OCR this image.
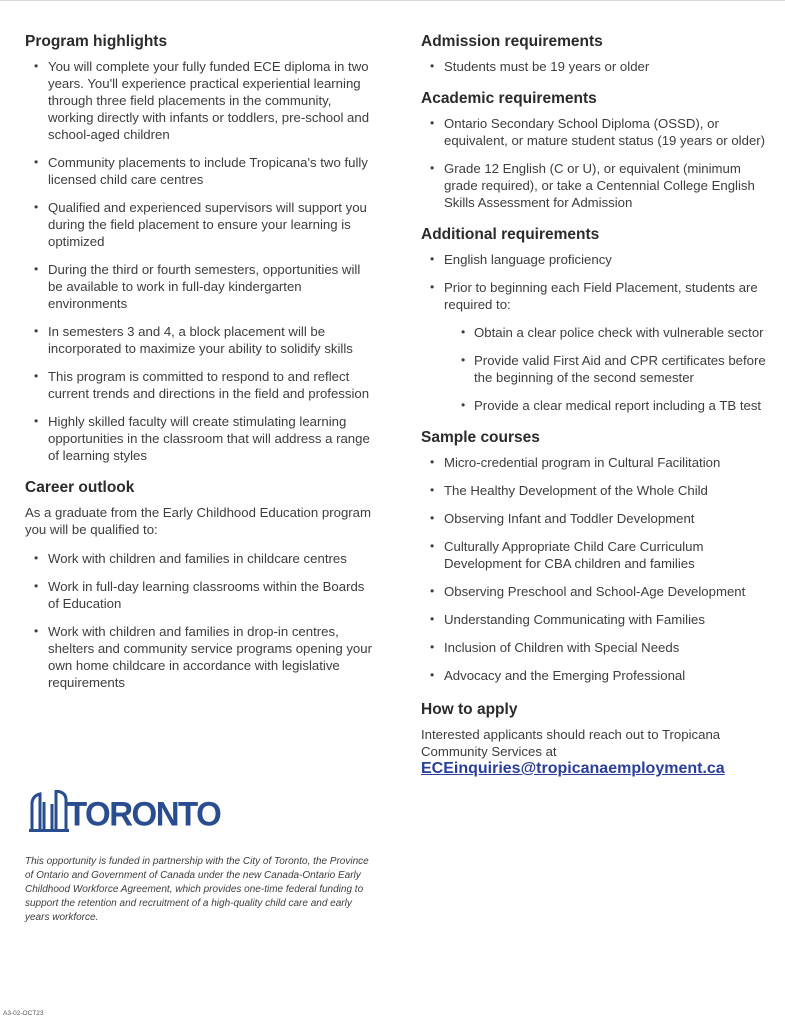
Program highlights
• You will complete your fully funded ECE diploma in two years. You'll experience practical experiential learning through three field placements in the community, working directly with infants or toddlers, pre-school and school-aged children
• Community placements to include Tropicana's two fully licensed child care centres
• Qualified and experienced supervisors will support you during the field placement to ensure your learning is optimized
• During the third or fourth semesters, opportunities will be available to work in full-day kindergarten environments
• In semesters 3 and 4, a block placement will be incorporated to maximize your ability to solidify skills
• This program is committed to respond to and reflect current trends and directions in the field and profession
• Highly skilled faculty will create stimulating learning opportunities in the classroom that will address a range of learning styles
Career outlook

As a graduate from the Early Childhood Education program you will be qualified to:

• Work with children and families in childcare centres
• Work in full-day learning classrooms within the Boards of Education
• Work with children and families in drop-in centres, shelters and community service programs opening your own home childcare in accordance with legislative requirements
TORONTO
This opportunity is funded in partnership with the City of Toronto, the Province of Ontario and Government of Canada under the new Canada-Ontario Early Childhood Workforce Agreement, which provides one-time federal funding to support the retention and recruitment of a high-quality child care and early years workforce.
A3-02-OCT23
Admission requirements
• Students must be 19 years or older
Academic requirements
• Ontario Secondary School Diploma (OSSD), or equivalent, or mature student status (19 years or older)
• Grade 12 English (C or U), or equivalent (minimum grade required), or take a Centennial College English Skills Assessment for Admission
Additional requirements
• English language proficiency
• Prior to beginning each Field Placement, students are required to:
• Obtain a clear police check with vulnerable sector
• Provide valid First Aid and CPR certificates before the beginning of the second semester
• Provide a clear medical report including a TB test
Sample courses
• Micro-credential program in Cultural Facilitation
• The Healthy Development of the Whole Child
• Observing Infant and Toddler Development
• Culturally Appropriate Child Care Curriculum Development for CBA children and families
• Observing Preschool and School-Age Development
• Understanding Communicating with Families
• Inclusion of Children with Special Needs
• Advocacy and the Emerging Professional
How to apply

Interested applicants should reach out to Tropicana Community Services at

ECEinquiries@tropicanaemployment.ca
